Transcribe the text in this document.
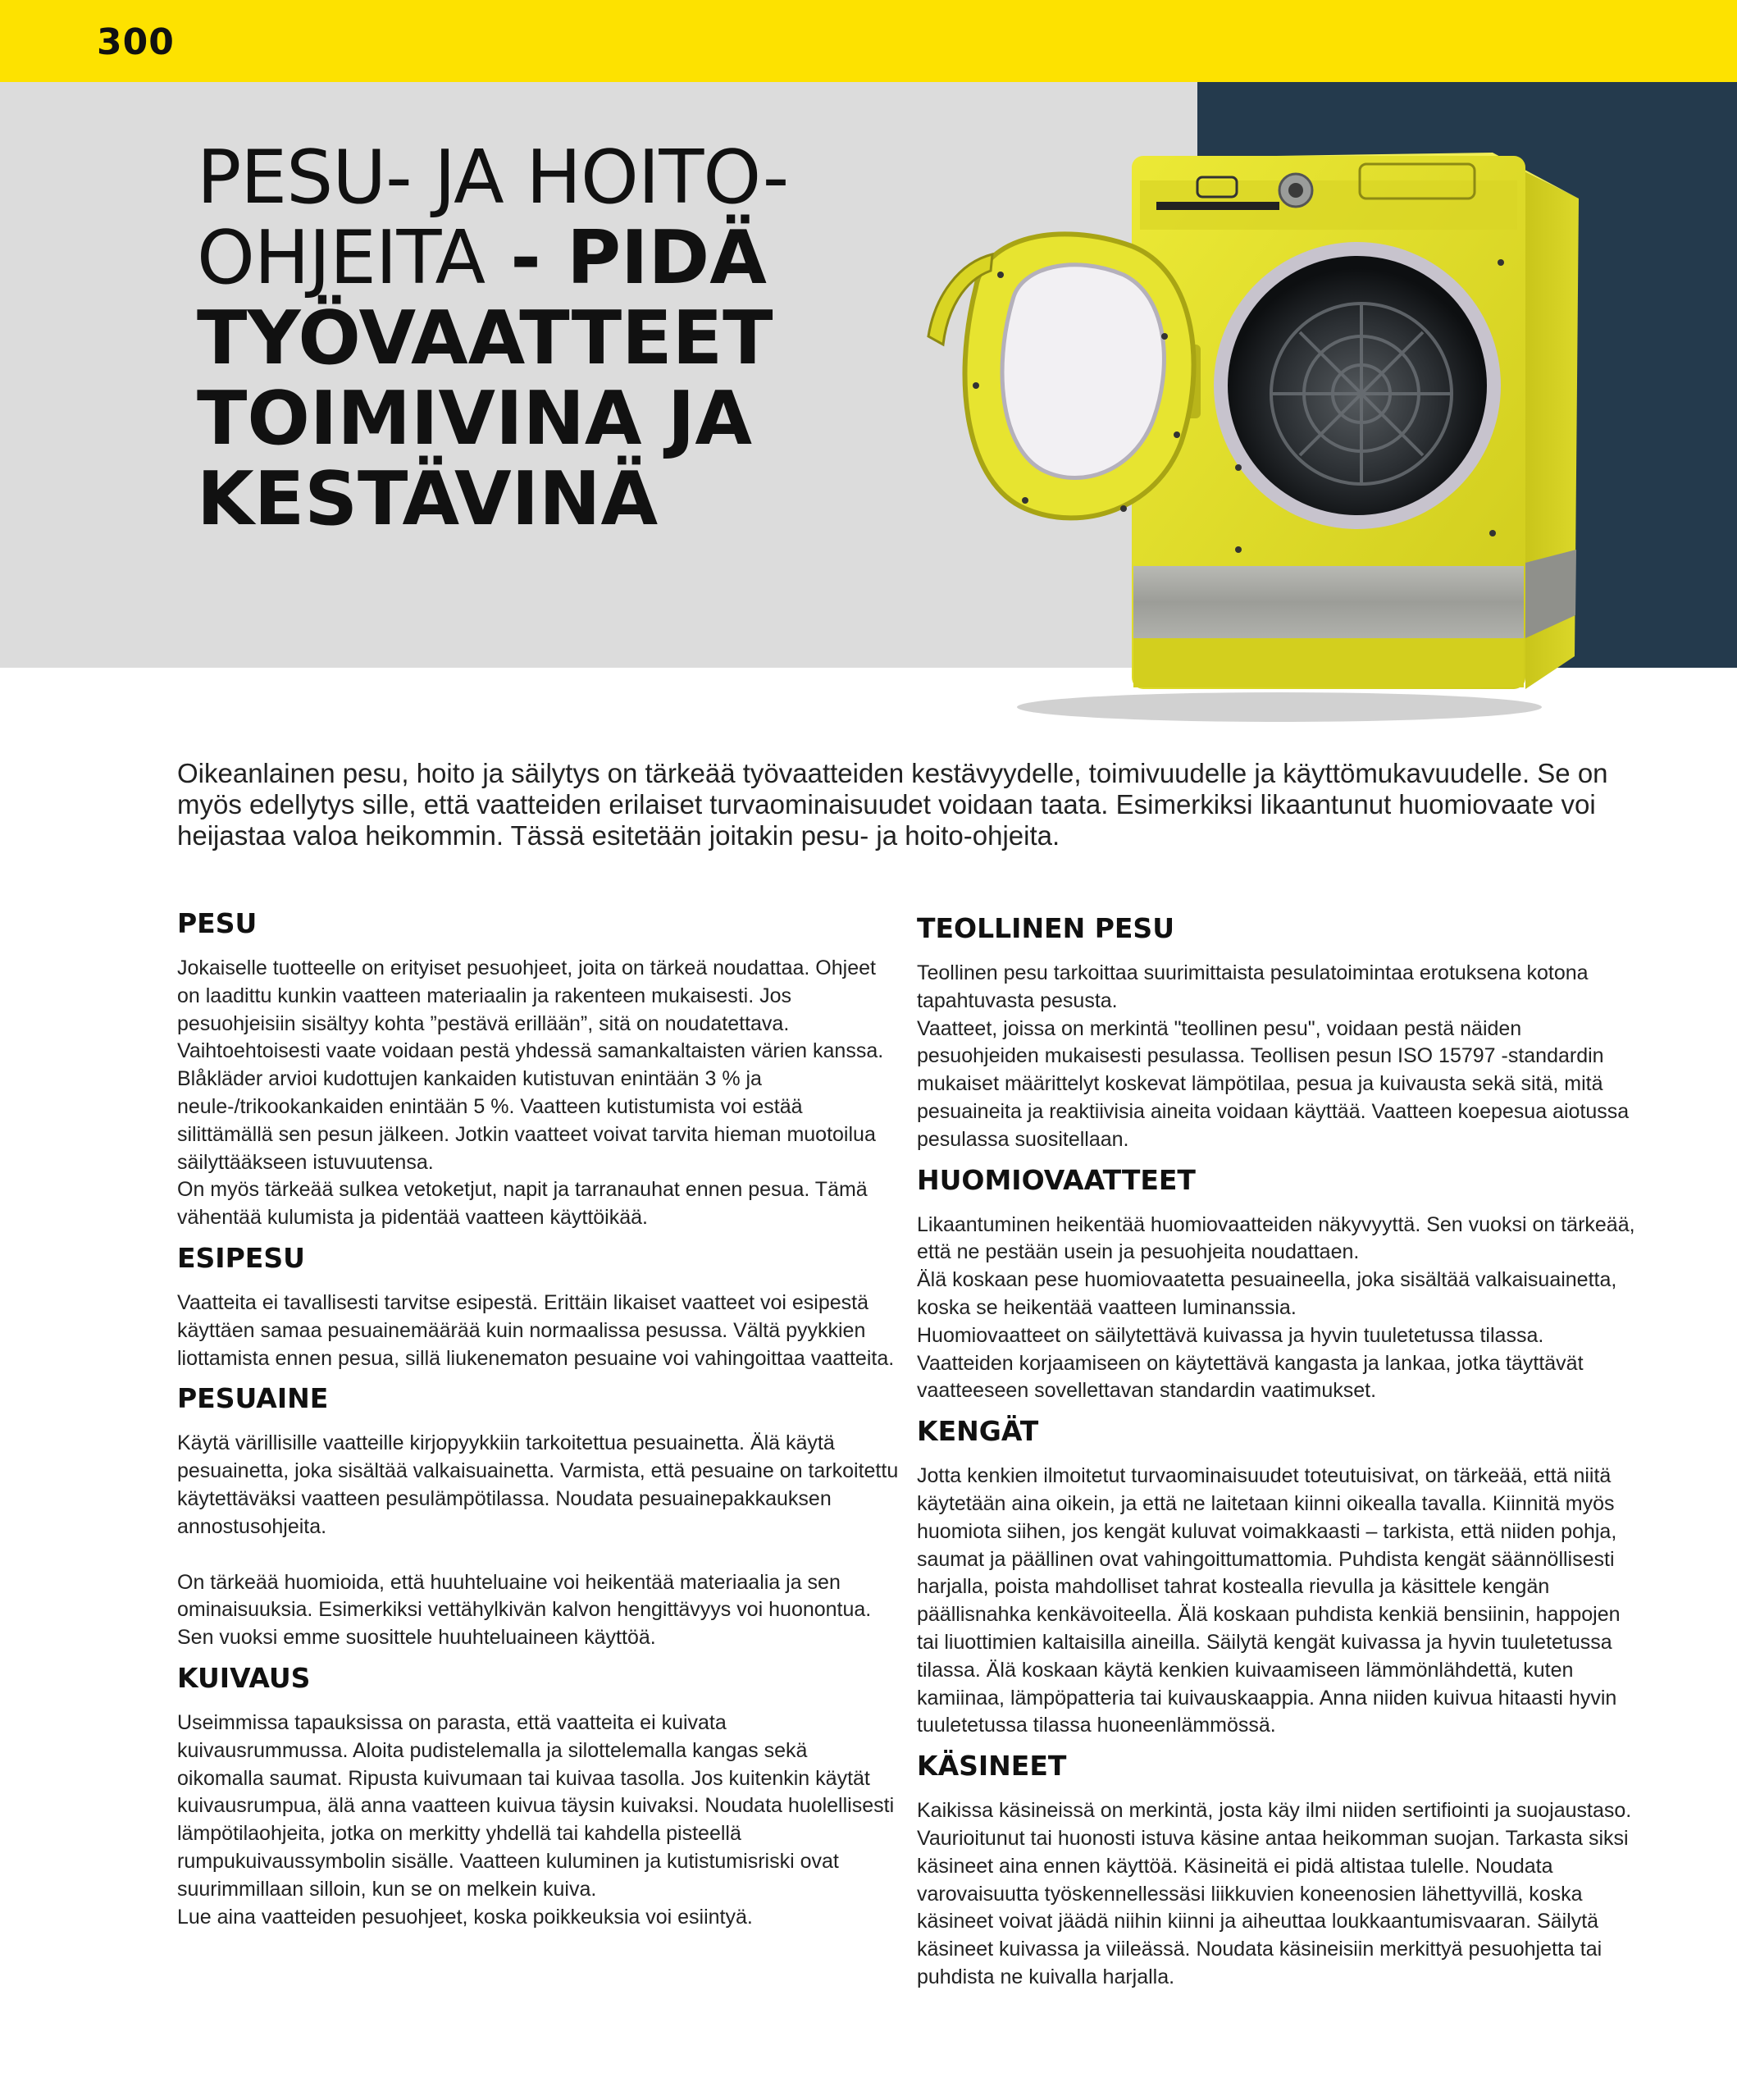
300
PESU- JA HOITO-OHJEITA - PIDÄ TYÖVAATTEET TOIMIVINA JA KESTÄVINÄ

Oikeanlainen pesu, hoito ja säilytys on tärkeää työvaatteiden kestävyydelle, toimivuudelle ja käyttömukavuudelle. Se on myös edellytys sille, että vaatteiden erilaiset turvaominaisuudet voidaan taata. Esimerkiksi likaantunut huomiovaate voi heijastaa valoa heikommin. Tässä esitetään joitakin pesu- ja hoito-ohjeita.

PESU

Jokaiselle tuotteelle on erityiset pesuohjeet, joita on tärkeä noudattaa. Ohjeet on laadittu kunkin vaatteen materiaalin ja rakenteen mukaisesti. Jos pesuohjeisiin sisältyy kohta ”pestävä erillään”, sitä on noudatettava. Vaihtoehtoisesti vaate voidaan pestä yhdessä samankaltaisten värien kanssa. Blåkläder arvioi kudottujen kankaiden kutistuvan enintään 3 % ja neule-/trikookankaiden enintään 5 %. Vaatteen kutistumista voi estää silittämällä sen pesun jälkeen. Jotkin vaatteet voivat tarvita hieman muotoilua säilyttääkseen istuvuutensa.

On myös tärkeää sulkea vetoketjut, napit ja tarranauhat ennen pesua. Tämä vähentää kulumista ja pidentää vaatteen käyttöikää.

ESIPESU

Vaatteita ei tavallisesti tarvitse esipestä. Erittäin likaiset vaatteet voi esipestä käyttäen samaa pesuainemäärää kuin normaalissa pesussa. Vältä pyykkien liottamista ennen pesua, sillä liukenematon pesuaine voi vahingoittaa vaatteita.

PESUAINE

Käytä värillisille vaatteille kirjopyykkiin tarkoitettua pesuainetta. Älä käytä pesuainetta, joka sisältää valkaisuainetta. Varmista, että pesuaine on tarkoitettu käytettäväksi vaatteen pesulämpötilassa. Noudata pesuainepakkauksen annostusohjeita.

On tärkeää huomioida, että huuhteluaine voi heikentää materiaalia ja sen ominaisuuksia. Esimerkiksi vettähylkivän kalvon hengittävyys voi huonontua. Sen vuoksi emme suosittele huuhteluaineen käyttöä.

KUIVAUS

Useimmissa tapauksissa on parasta, että vaatteita ei kuivata kuivausrummussa. Aloita pudistelemalla ja silottelemalla kangas sekä oikomalla saumat. Ripusta kuivumaan tai kuivaa tasolla. Jos kuitenkin käytät kuivausrumpua, älä anna vaatteen kuivua täysin kuivaksi. Noudata huolellisesti lämpötilaohjeita, jotka on merkitty yhdellä tai kahdella pisteellä rumpukuivaussymbolin sisälle. Vaatteen kuluminen ja kutistumisriski ovat suurimmillaan silloin, kun se on melkein kuiva.

Lue aina vaatteiden pesuohjeet, koska poikkeuksia voi esiintyä.

TEOLLINEN PESU

Teollinen pesu tarkoittaa suurimittaista pesulatoimintaa erotuksena kotona tapahtuvasta pesusta.

Vaatteet, joissa on merkintä "teollinen pesu", voidaan pestä näiden pesuohjeiden mukaisesti pesulassa. Teollisen pesun ISO 15797 -standardin mukaiset määrittelyt koskevat lämpötilaa, pesua ja kuivausta sekä sitä, mitä pesuaineita ja reaktiivisia aineita voidaan käyttää. Vaatteen koepesua aiotussa pesulassa suositellaan.

HUOMIOVAATTEET

Likaantuminen heikentää huomiovaatteiden näkyvyyttä. Sen vuoksi on tärkeää, että ne pestään usein ja pesuohjeita noudattaen.

Älä koskaan pese huomiovaatetta pesuaineella, joka sisältää valkaisuainetta, koska se heikentää vaatteen luminanssia.

Huomiovaatteet on säilytettävä kuivassa ja hyvin tuuletetussa tilassa. Vaatteiden korjaamiseen on käytettävä kangasta ja lankaa, jotka täyttävät vaatteeseen sovellettavan standardin vaatimukset.

KENGÄT

Jotta kenkien ilmoitetut turvaominaisuudet toteutuisivat, on tärkeää, että niitä käytetään aina oikein, ja että ne laitetaan kiinni oikealla tavalla. Kiinnitä myös huomiota siihen, jos kengät kuluvat voimakkaasti – tarkista, että niiden pohja, saumat ja päällinen ovat vahingoittumattomia. Puhdista kengät säännöllisesti harjalla, poista mahdolliset tahrat kostealla rievulla ja käsittele kengän päällisnahka kenkävoiteella. Älä koskaan puhdista kenkiä bensiinin, happojen tai liuottimien kaltaisilla aineilla. Säilytä kengät kuivassa ja hyvin tuuletetussa tilassa. Älä koskaan käytä kenkien kuivaamiseen lämmönlähdettä, kuten kamiinaa, lämpöpatteria tai kuivauskaappia. Anna niiden kuivua hitaasti hyvin tuuletetussa tilassa huoneenlämmössä.

KÄSINEET

Kaikissa käsineissä on merkintä, josta käy ilmi niiden sertifiointi ja suojaustaso. Vaurioitunut tai huonosti istuva käsine antaa heikomman suojan. Tarkasta siksi käsineet aina ennen käyttöä. Käsineitä ei pidä altistaa tulelle. Noudata varovaisuutta työskennellessäsi liikkuvien koneenosien lähettyvillä, koska käsineet voivat jäädä niihin kiinni ja aiheuttaa loukkaantumisvaaran. Säilytä käsineet kuivassa ja viileässä. Noudata käsineisiin merkittyä pesuohjetta tai puhdista ne kuivalla harjalla.
